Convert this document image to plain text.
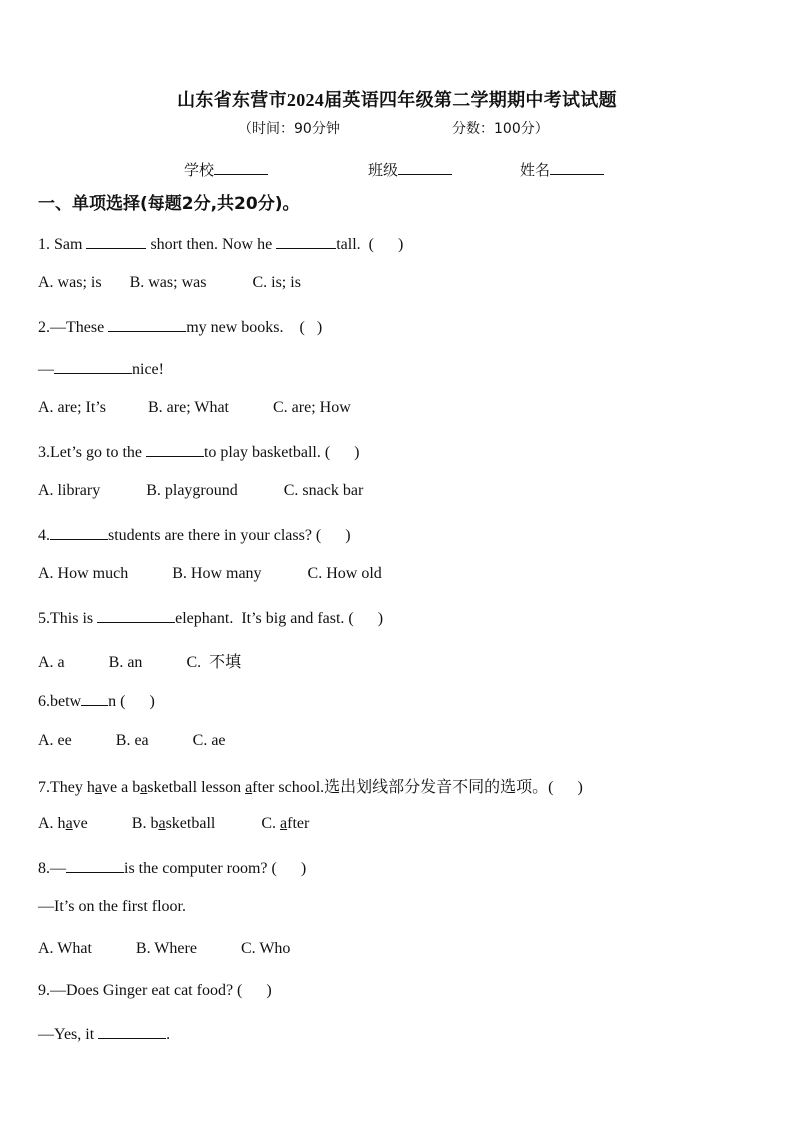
山东省东营市2024届英语四年级第二学期期中考试试题
（时间：90分钟	分数：100分）
学校	班级	姓名
一、单项选择(每题2分,共20分)。
1. Sam	short then. Now he	tall.  (      )
A. was; is B. was; was	C. is; is
2.—These	my new books.    (   )
—	nice!
A. are; It’s	B. are; What	C. are; How
3.Let’s go to the	to play basketball. (      )
A. library	B. playground	C. snack bar
4.	students are there in your class? (      )
A. How much	B. How many	C. How old
5.This is	elephant.  It’s big and fast. (      )
A. a	B. an	C.  不填
6.betw n (      )
A. ee	B. ea	C. ae
7.They have a basketball lesson after school.选出划线部分发音不同的选项。(      )
A. have	B. basketball	C. after
8.—	is the computer room? (      )
—It’s on the first floor.
A. What	B. Where	C. Who
9.—Does Ginger eat cat food? (      )
—Yes, it	.
